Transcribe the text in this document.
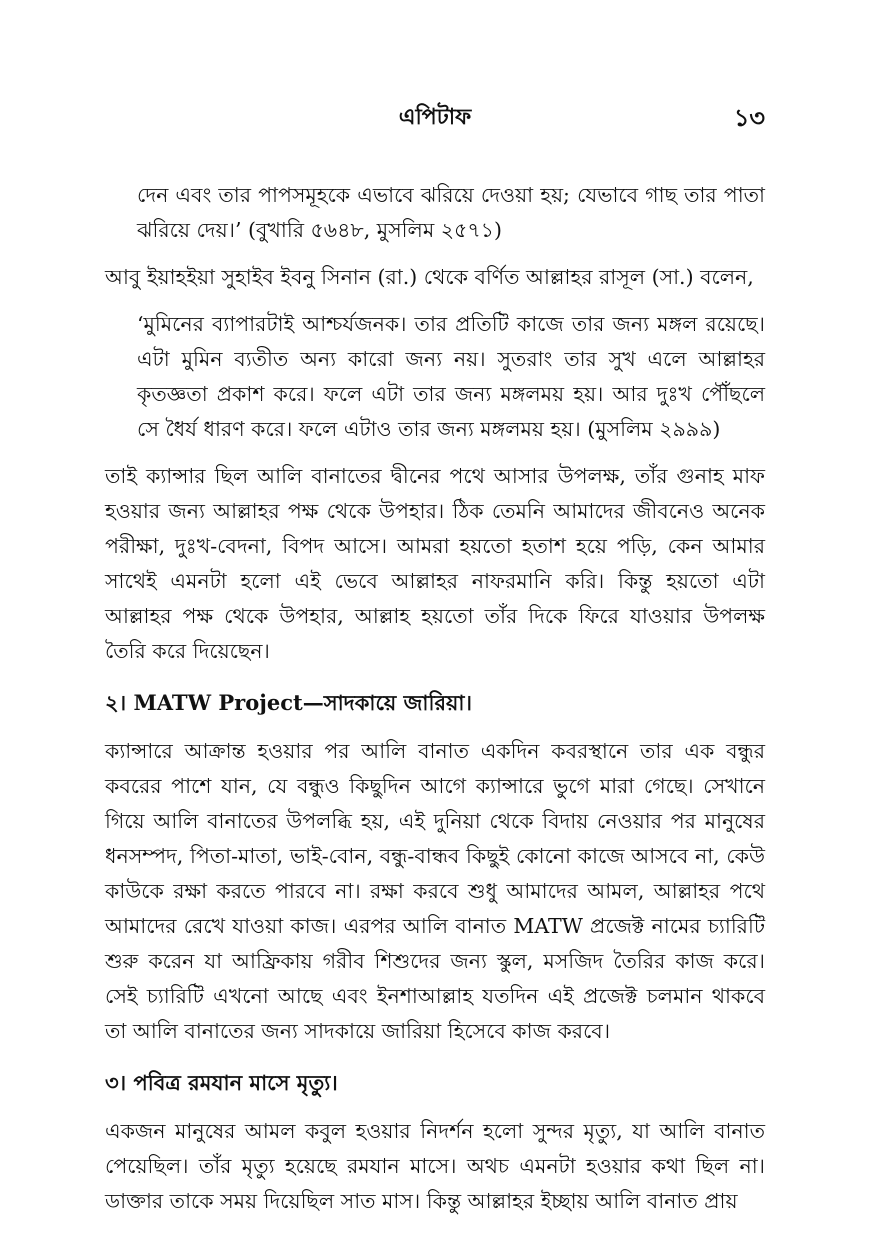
এপিটাফ	১৩

দেন এবং তার পাপসমূহকে এভাবে ঝরিয়ে দেওয়া হয়; যেভাবে গাছ তার পাতা ঝরিয়ে দেয়।’ (বুখারি ৫৬৪৮, মুসলিম ২৫৭১)

আবু ইয়াহইয়া সুহাইব ইবনু সিনান (রা.) থেকে বর্ণিত আল্লাহর রাসূল (সা.) বলেন,

‘মুমিনের ব্যাপারটাই আশ্চর্যজনক। তার প্রতিটি কাজে তার জন্য মঙ্গল রয়েছে। এটা মুমিন ব্যতীত অন্য কারো জন্য নয়। সুতরাং তার সুখ এলে আল্লাহর কৃতজ্ঞতা প্রকাশ করে। ফলে এটা তার জন্য মঙ্গলময় হয়। আর দুঃখ পৌঁছলে সে ধৈর্য ধারণ করে। ফলে এটাও তার জন্য মঙ্গলময় হয়। (মুসলিম ২৯৯৯)

তাই ক্যান্সার ছিল আলি বানাতের দ্বীনের পথে আসার উপলক্ষ, তাঁর গুনাহ মাফ হওয়ার জন্য আল্লাহর পক্ষ থেকে উপহার। ঠিক তেমনি আমাদের জীবনেও অনেক পরীক্ষা, দুঃখ-বেদনা, বিপদ আসে। আমরা হয়তো হতাশ হয়ে পড়ি, কেন আমার সাথেই এমনটা হলো এই ভেবে আল্লাহর নাফরমানি করি। কিন্তু হয়তো এটা আল্লাহর পক্ষ থেকে উপহার, আল্লাহ হয়তো তাঁর দিকে ফিরে যাওয়ার উপলক্ষ তৈরি করে দিয়েছেন।

২। MATW Project—সাদকায়ে জারিয়া।

ক্যান্সারে আক্রান্ত হওয়ার পর আলি বানাত একদিন কবরস্থানে তার এক বন্ধুর কবরের পাশে যান, যে বন্ধুও কিছুদিন আগে ক্যান্সারে ভুগে মারা গেছে। সেখানে গিয়ে আলি বানাতের উপলব্ধি হয়, এই দুনিয়া থেকে বিদায় নেওয়ার পর মানুষের ধনসম্পদ, পিতা-মাতা, ভাই-বোন, বন্ধু-বান্ধব কিছুই কোনো কাজে আসবে না, কেউ কাউকে রক্ষা করতে পারবে না। রক্ষা করবে শুধু আমাদের আমল, আল্লাহর পথে আমাদের রেখে যাওয়া কাজ। এরপর আলি বানাত MATW প্রজেক্ট নামের চ্যারিটি শুরু করেন যা আফ্রিকায় গরীব শিশুদের জন্য স্কুল, মসজিদ তৈরির কাজ করে। সেই চ্যারিটি এখনো আছে এবং ইনশাআল্লাহ যতদিন এই প্রজেক্ট চলমান থাকবে তা আলি বানাতের জন্য সাদকায়ে জারিয়া হিসেবে কাজ করবে।

৩। পবিত্র রমযান মাসে মৃত্যু।

একজন মানুষের আমল কবুল হওয়ার নিদর্শন হলো সুন্দর মৃত্যু, যা আলি বানাত পেয়েছিল। তাঁর মৃত্যু হয়েছে রমযান মাসে। অথচ এমনটা হওয়ার কথা ছিল না। ডাক্তার তাকে সময় দিয়েছিল সাত মাস। কিন্তু আল্লাহর ইচ্ছায় আলি বানাত প্রায়
